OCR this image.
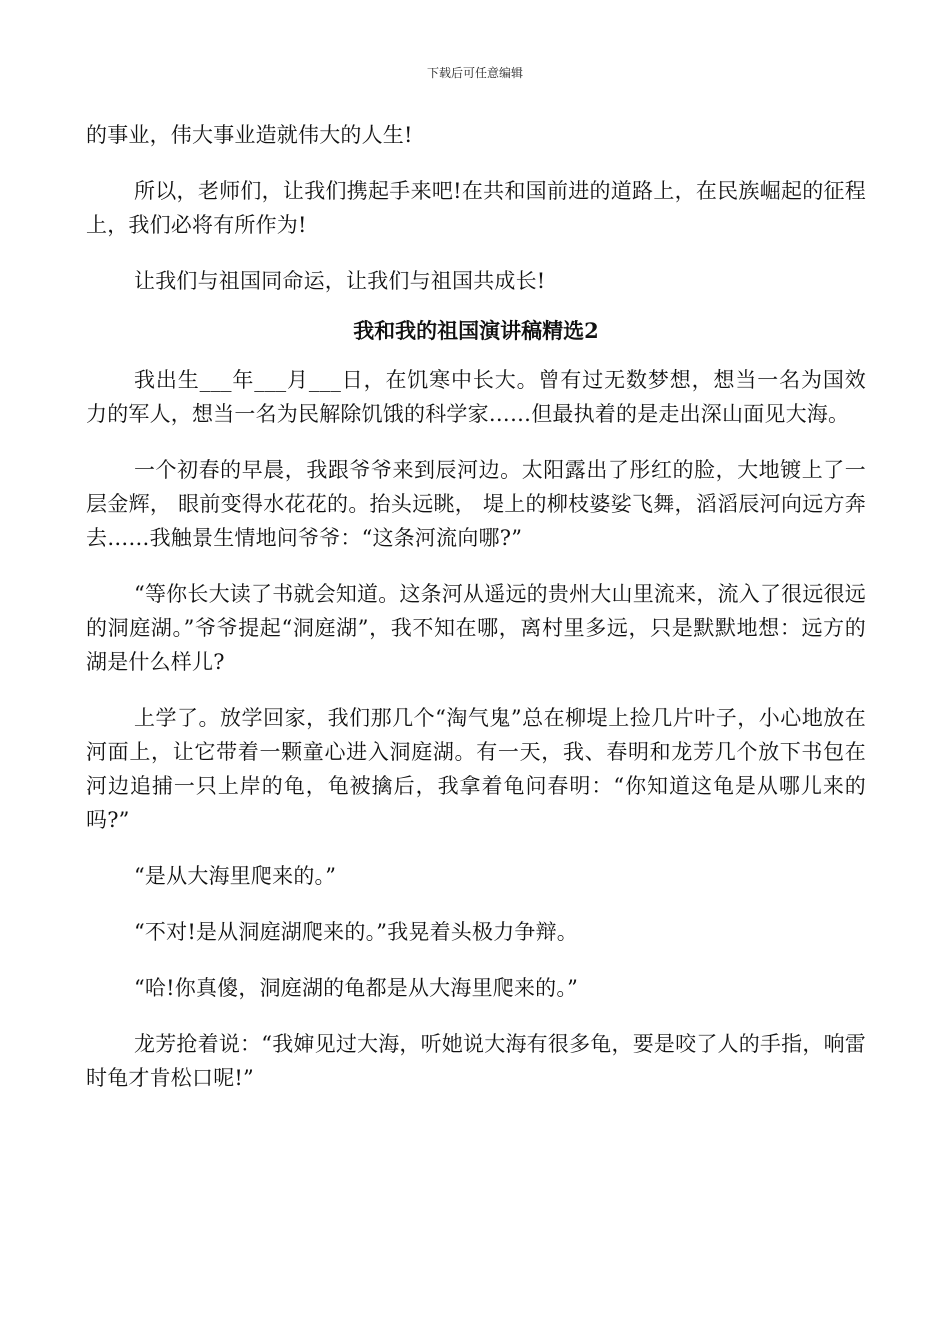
下载后可任意编辑

的事业，伟大事业造就伟大的人生!

所以，老师们，让我们携起手来吧!在共和国前进的道路上，在民族崛起的征程上，我们必将有所作为!

让我们与祖国同命运，让我们与祖国共成长!

我和我的祖国演讲稿精选2

我出生___年___月___日，在饥寒中长大。曾有过无数梦想，想当一名为国效力的军人，想当一名为民解除饥饿的科学家……但最执着的是走出深山面见大海。

一个初春的早晨，我跟爷爷来到辰河边。太阳露出了彤红的脸，大地镀上了一层金辉， 眼前变得水花花的。抬头远眺， 堤上的柳枝婆娑飞舞，滔滔辰河向远方奔去……我触景生情地问爷爷：“这条河流向哪?”

“等你长大读了书就会知道。这条河从遥远的贵州大山里流来，流入了很远很远的洞庭湖。”爷爷提起“洞庭湖”，我不知在哪，离村里多远，只是默默地想：远方的湖是什么样儿?

上学了。放学回家，我们那几个“淘气鬼”总在柳堤上捡几片叶子，小心地放在河面上，让它带着一颗童心进入洞庭湖。有一天，我、春明和龙芳几个放下书包在河边追捕一只上岸的龟，龟被擒后，我拿着龟问春明：“你知道这龟是从哪儿来的吗?”

“是从大海里爬来的。”

“不对!是从洞庭湖爬来的。”我晃着头极力争辩。

“哈!你真傻，洞庭湖的龟都是从大海里爬来的。”

龙芳抢着说：“我婶见过大海，听她说大海有很多龟，要是咬了人的手指，响雷时龟才肯松口呢!”
